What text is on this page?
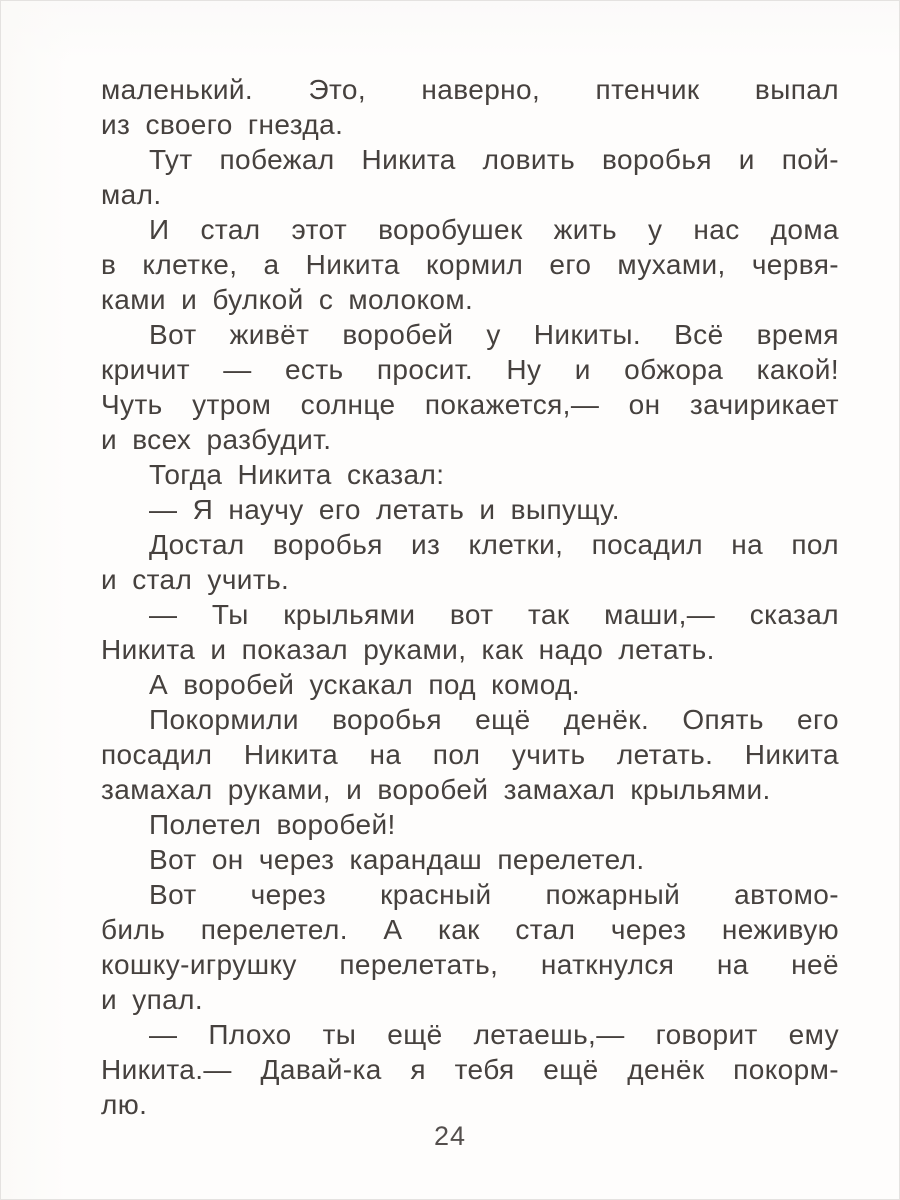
маленький. Это, наверно, птенчик выпал
из своего гнезда.
Тут побежал Никита ловить воробья и пой-
мал.
И стал этот воробушек жить у нас дома
в клетке, а Никита кормил его мухами, червя-
ками и булкой с молоком.
Вот живёт воробей у Никиты. Всё время
кричит — есть просит. Ну и обжора какой!
Чуть утром солнце покажется,— он зачирикает
и всех разбудит.
Тогда Никита сказал:
— Я научу его летать и выпущу.
Достал воробья из клетки, посадил на пол
и стал учить.
— Ты крыльями вот так маши,— сказал
Никита и показал руками, как надо летать.
А воробей ускакал под комод.
Покормили воробья ещё денёк. Опять его
посадил Никита на пол учить летать. Никита
замахал руками, и воробей замахал крыльями.
Полетел воробей!
Вот он через карандаш перелетел.
Вот через красный пожарный автомо-
биль перелетел. А как стал через неживую
кошку-игрушку перелетать, наткнулся на неё
и упал.
— Плохо ты ещё летаешь,— говорит ему
Никита.— Давай-ка я тебя ещё денёк покорм-
лю.
24
